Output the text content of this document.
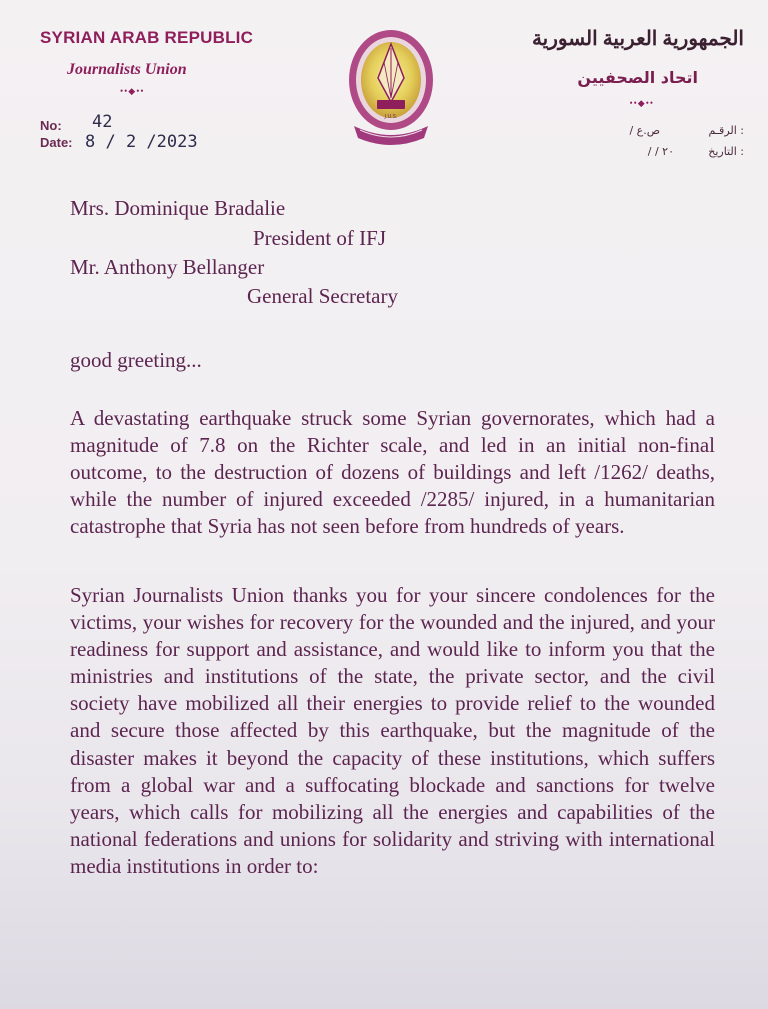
SYRIAN ARAB REPUBLIC
Journalists Union
••◆••
No: 42
Date: 8 / 2 /2023
J.U.S.
الجمهورية العربية السورية
اتحاد الصحفيين
••◆••
الرقـم :
/ ص.ع
التاريخ :
/ / ٢٠
Mrs. Dominique Bradalie
President of IFJ
Mr. Anthony Bellanger
General Secretary
good greeting...
A devastating earthquake struck some Syrian governorates, which had a magnitude of 7.8 on the Richter scale, and led in an initial non-final outcome, to the destruction of dozens of buildings and left /1262/ deaths, while the number of injured exceeded /2285/ injured, in a humanitarian catastrophe that Syria has not seen before from hundreds of years.
Syrian Journalists Union thanks you for your sincere condolences for the victims, your wishes for recovery for the wounded and the injured, and your readiness for support and assistance, and would like to inform you that the ministries and institutions of the state, the private sector, and the civil society have mobilized all their energies to provide relief to the wounded and secure those affected by this earthquake, but the magnitude of the disaster makes it beyond the capacity of these institutions, which suffers from a global war and a suffocating blockade and sanctions for twelve years, which calls for mobilizing all the energies and capabilities of the national federations and unions for solidarity and striving with international media institutions in order to:
